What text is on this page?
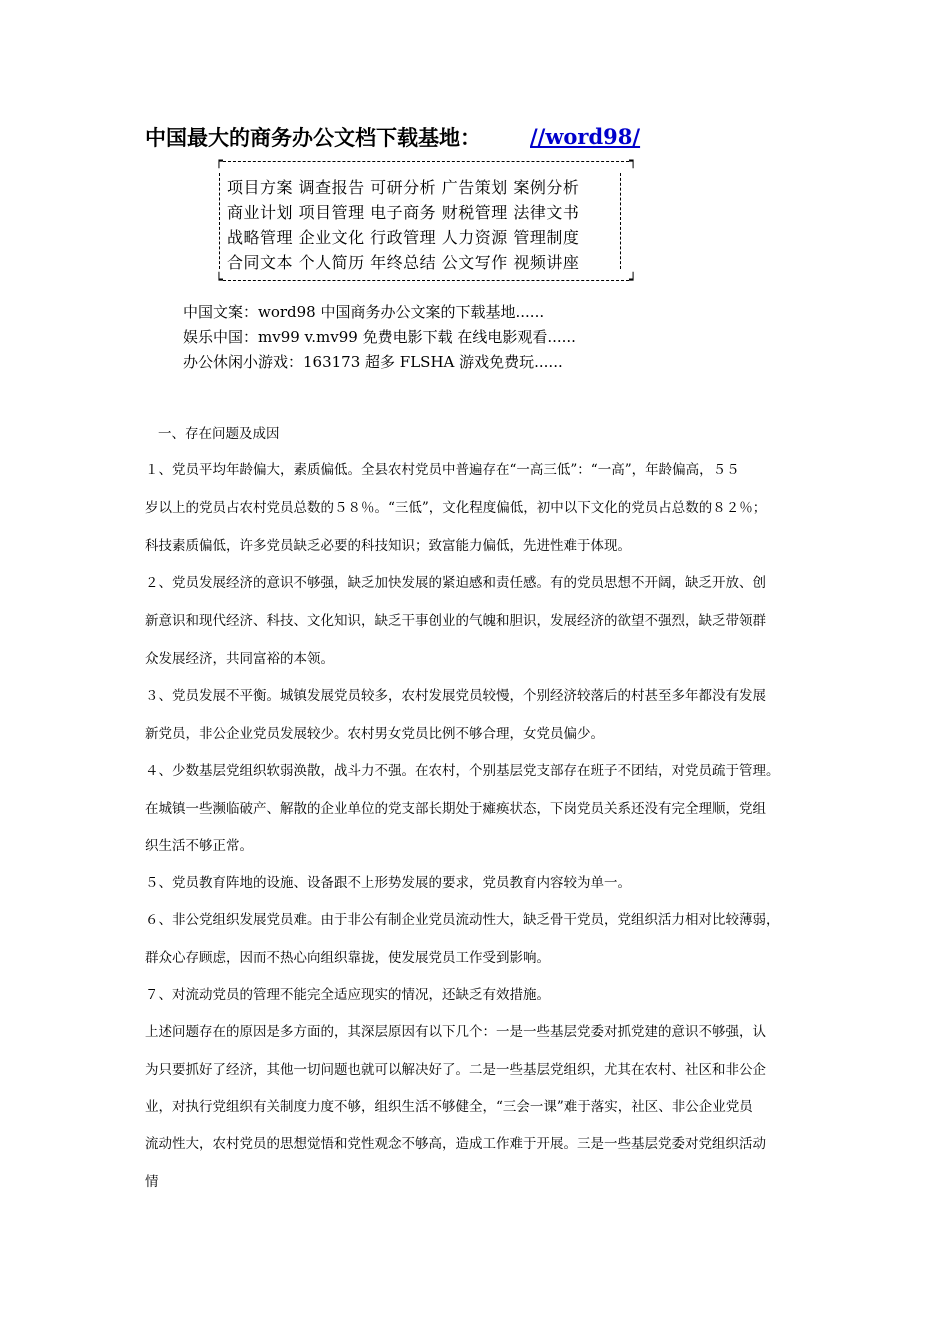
中国最大的商务办公文档下载基地： //word98/
┍	┑
┕	┙
项目方案 调查报告 可研分析 广告策划 案例分析
商业计划 项目管理 电子商务 财税管理 法律文书
战略管理 企业文化 行政管理 人力资源 管理制度
合同文本 个人简历 年终总结 公文写作 视频讲座
中国文案：word98 中国商务办公文案的下载基地......
娱乐中国：mv99 v.mv99 免费电影下载 在线电影观看......
办公休闲小游戏：163173 超多 FLSHA 游戏免费玩......
一、存在问题及成因
１、党员平均年龄偏大，素质偏低。全县农村党员中普遍存在“一高三低”：“一高”，年龄偏高，５５
岁以上的党员占农村党员总数的５８％。“三低”，文化程度偏低，初中以下文化的党员占总数的８２％；
科技素质偏低，许多党员缺乏必要的科技知识；致富能力偏低，先进性难于体现。
２、党员发展经济的意识不够强，缺乏加快发展的紧迫感和责任感。有的党员思想不开阔，缺乏开放、创
新意识和现代经济、科技、文化知识，缺乏干事创业的气魄和胆识，发展经济的欲望不强烈，缺乏带领群
众发展经济，共同富裕的本领。
３、党员发展不平衡。城镇发展党员较多，农村发展党员较慢，个别经济较落后的村甚至多年都没有发展
新党员，非公企业党员发展较少。农村男女党员比例不够合理，女党员偏少。
４、少数基层党组织软弱涣散，战斗力不强。在农村，个别基层党支部存在班子不团结，对党员疏于管理。
在城镇一些濒临破产、解散的企业单位的党支部长期处于瘫痪状态，下岗党员关系还没有完全理顺，党组
织生活不够正常。
５、党员教育阵地的设施、设备跟不上形势发展的要求，党员教育内容较为单一。
６、非公党组织发展党员难。由于非公有制企业党员流动性大，缺乏骨干党员，党组织活力相对比较薄弱，
群众心存顾虑，因而不热心向组织靠拢，使发展党员工作受到影响。
７、对流动党员的管理不能完全适应现实的情况，还缺乏有效措施。
上述问题存在的原因是多方面的，其深层原因有以下几个：一是一些基层党委对抓党建的意识不够强，认
为只要抓好了经济，其他一切问题也就可以解决好了。二是一些基层党组织，尤其在农村、社区和非公企
业，对执行党组织有关制度力度不够，组织生活不够健全，“三会一课”难于落实，社区、非公企业党员
流动性大，农村党员的思想觉悟和党性观念不够高，造成工作难于开展。三是一些基层党委对党组织活动
情
